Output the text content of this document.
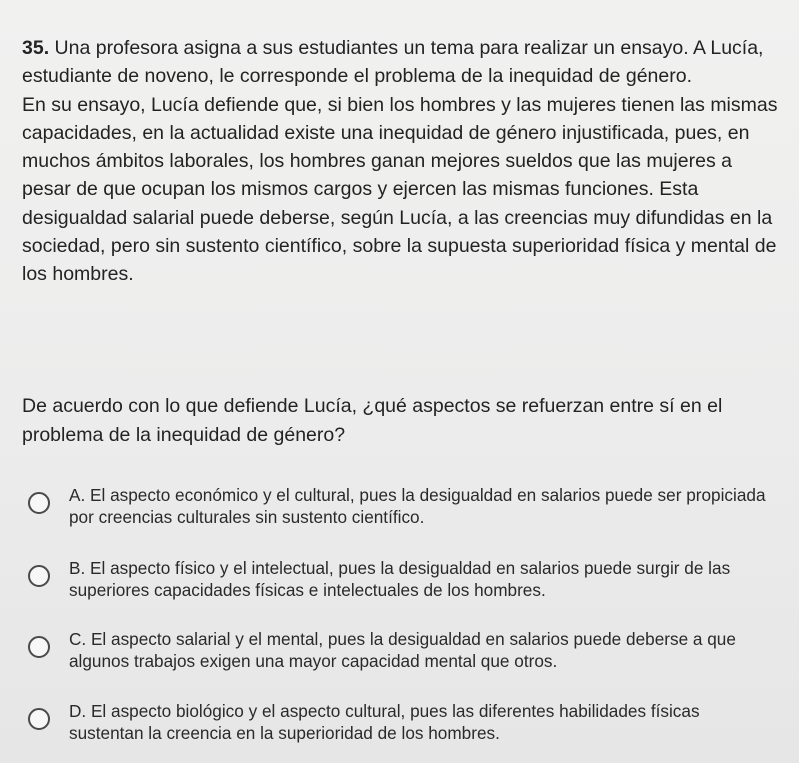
35. Una profesora asigna a sus estudiantes un tema para realizar un ensayo. A Lucía, estudiante de noveno, le corresponde el problema de la inequidad de género.

En su ensayo, Lucía defiende que, si bien los hombres y las mujeres tienen las mismas capacidades, en la actualidad existe una inequidad de género injustificada, pues, en muchos ámbitos laborales, los hombres ganan mejores sueldos que las mujeres a pesar de que ocupan los mismos cargos y ejercen las mismas funciones. Esta desigualdad salarial puede deberse, según Lucía, a las creencias muy difundidas en la sociedad, pero sin sustento científico, sobre la supuesta superioridad física y mental de los hombres.

De acuerdo con lo que defiende Lucía, ¿qué aspectos se refuerzan entre sí en el problema de la inequidad de género?

A. El aspecto económico y el cultural, pues la desigualdad en salarios puede ser propiciada por creencias culturales sin sustento científico.
B. El aspecto físico y el intelectual, pues la desigualdad en salarios puede surgir de las superiores capacidades físicas e intelectuales de los hombres.
C. El aspecto salarial y el mental, pues la desigualdad en salarios puede deberse a que algunos trabajos exigen una mayor capacidad mental que otros.
D. El aspecto biológico y el aspecto cultural, pues las diferentes habilidades físicas sustentan la creencia en la superioridad de los hombres.
